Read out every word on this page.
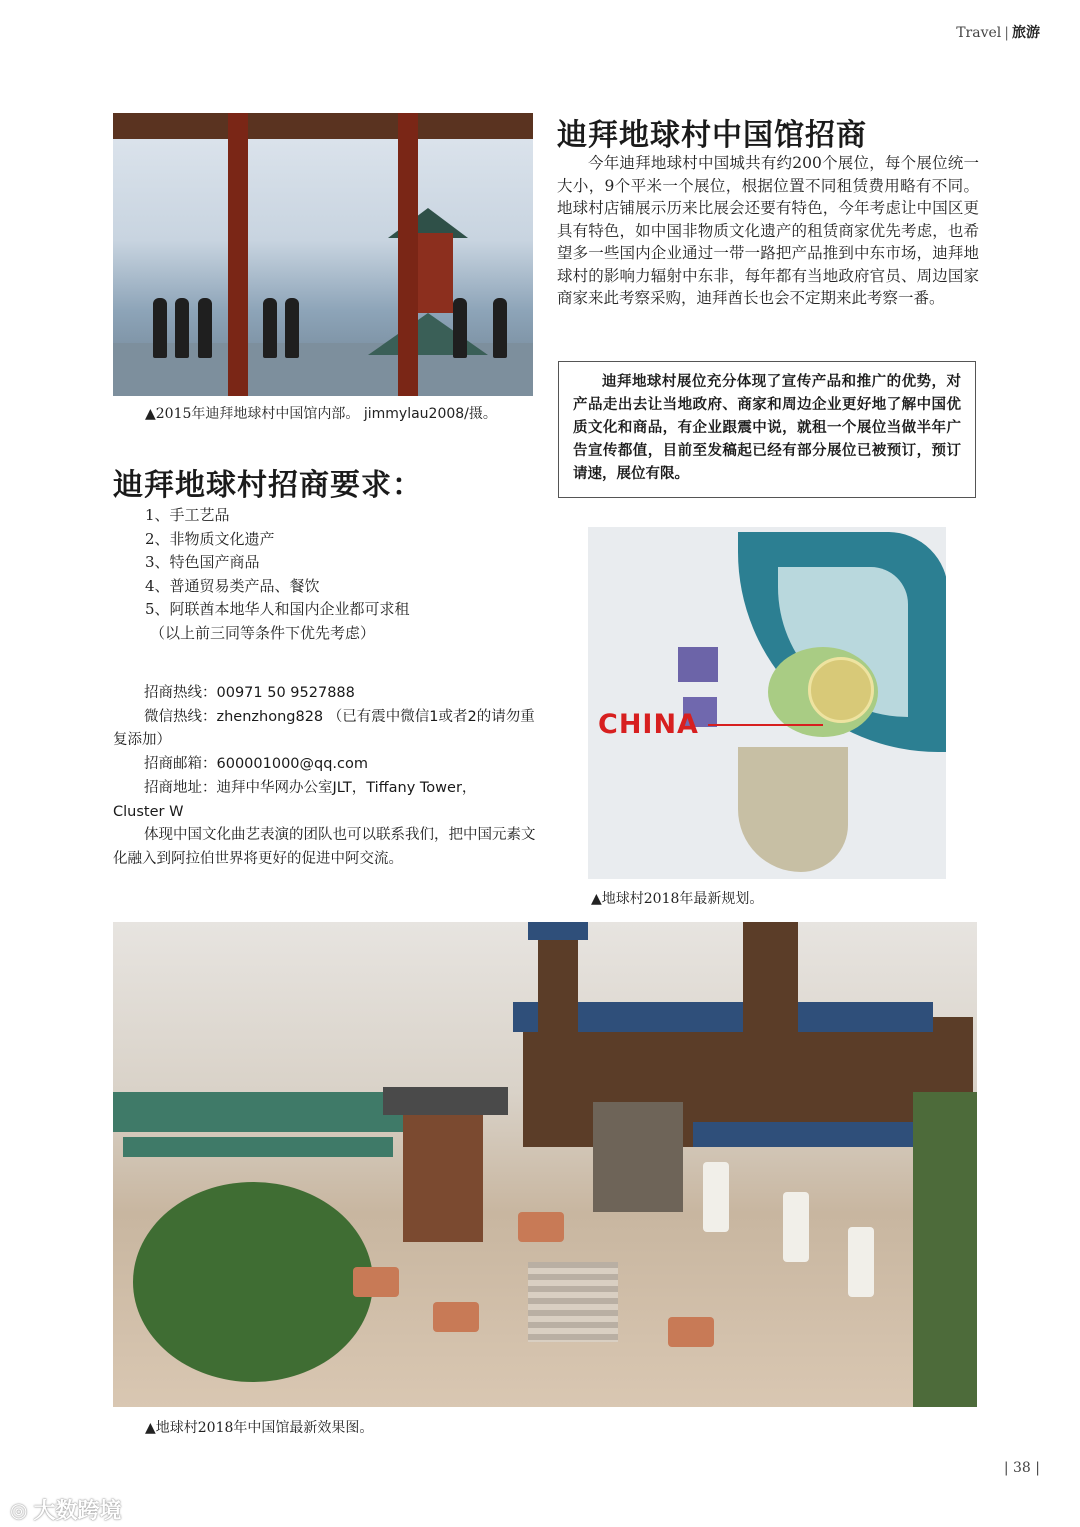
Travel | 旅游
▲2015年迪拜地球村中国馆内部。 jimmylau2008/摄。
迪拜地球村中国馆招商
今年迪拜地球村中国城共有约200个展位，每个展位统一大小，9个平米一个展位，根据位置不同租赁费用略有不同。地球村店铺展示历来比展会还要有特色，今年考虑让中国区更具有特色，如中国非物质文化遗产的租赁商家优先考虑，也希望多一些国内企业通过一带一路把产品推到中东市场，迪拜地球村的影响力辐射中东非，每年都有当地政府官员、周边国家商家来此考察采购，迪拜酋长也会不定期来此考察一番。
迪拜地球村展位充分体现了宣传产品和推广的优势，对产品走出去让当地政府、商家和周边企业更好地了解中国优质文化和商品，有企业跟震中说，就租一个展位当做半年广告宣传都值，目前至发稿起已经有部分展位已被预订，预订请速，展位有限。
迪拜地球村招商要求：
1、手工艺品
2、非物质文化遗产
3、特色国产商品
4、普通贸易类产品、餐饮
5、阿联酋本地华人和国内企业都可求租
（以上前三同等条件下优先考虑）

招商热线：00971 50 9527888

微信热线：zhenzhong828 （已有震中微信1或者2的请勿重复添加）

招商邮箱：600001000@qq.com

招商地址：迪拜中华网办公室JLT，Tiffany Tower，

Cluster W

体现中国文化曲艺表演的团队也可以联系我们，把中国元素文化融入到阿拉伯世界将更好的促进中阿交流。

CHINA
▲地球村2018年最新规划。
▲地球村2018年中国馆最新效果图。
| 38 |
◎ 大数跨境
